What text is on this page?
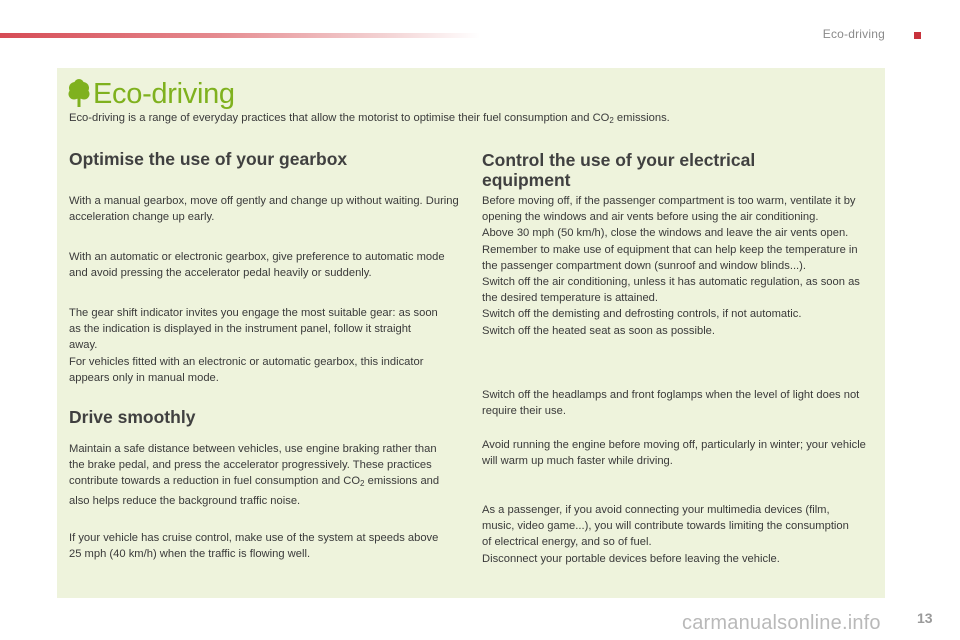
Eco-driving
Eco-driving
Eco-driving is a range of everyday practices that allow the motorist to optimise their fuel consumption and $CO_2$ emissions.
Optimise the use of your gearbox

With a manual gearbox, move off gently and change up without waiting. During acceleration change up early.

With an automatic or electronic gearbox, give preference to automatic mode and avoid pressing the accelerator pedal heavily or suddenly.

The gear shift indicator invites you engage the most suitable gear: as soon as the indication is displayed in the instrument panel, follow it straight away.
For vehicles fitted with an electronic or automatic gearbox, this indicator appears only in manual mode.

Drive smoothly

Maintain a safe distance between vehicles, use engine braking rather than the brake pedal, and press the accelerator progressively. These practices contribute towards a reduction in fuel consumption and $CO_2$ emissions and also helps reduce the background traffic noise.

If your vehicle has cruise control, make use of the system at speeds above 25 mph (40 km/h) when the traffic is flowing well.

Control the use of your electrical equipment

Before moving off, if the passenger compartment is too warm, ventilate it by opening the windows and air vents before using the air conditioning.
Above 30 mph (50 km/h), close the windows and leave the air vents open.
Remember to make use of equipment that can help keep the temperature in the passenger compartment down (sunroof and window blinds...).
Switch off the air conditioning, unless it has automatic regulation, as soon as the desired temperature is attained.
Switch off the demisting and defrosting controls, if not automatic.
Switch off the heated seat as soon as possible.

Switch off the headlamps and front foglamps when the level of light does not require their use.

Avoid running the engine before moving off, particularly in winter; your vehicle will warm up much faster while driving.

As a passenger, if you avoid connecting your multimedia devices (film, music, video game...), you will contribute towards limiting the consumption of electrical energy, and so of fuel.
Disconnect your portable devices before leaving the vehicle.

carmanualsonline.info	13
